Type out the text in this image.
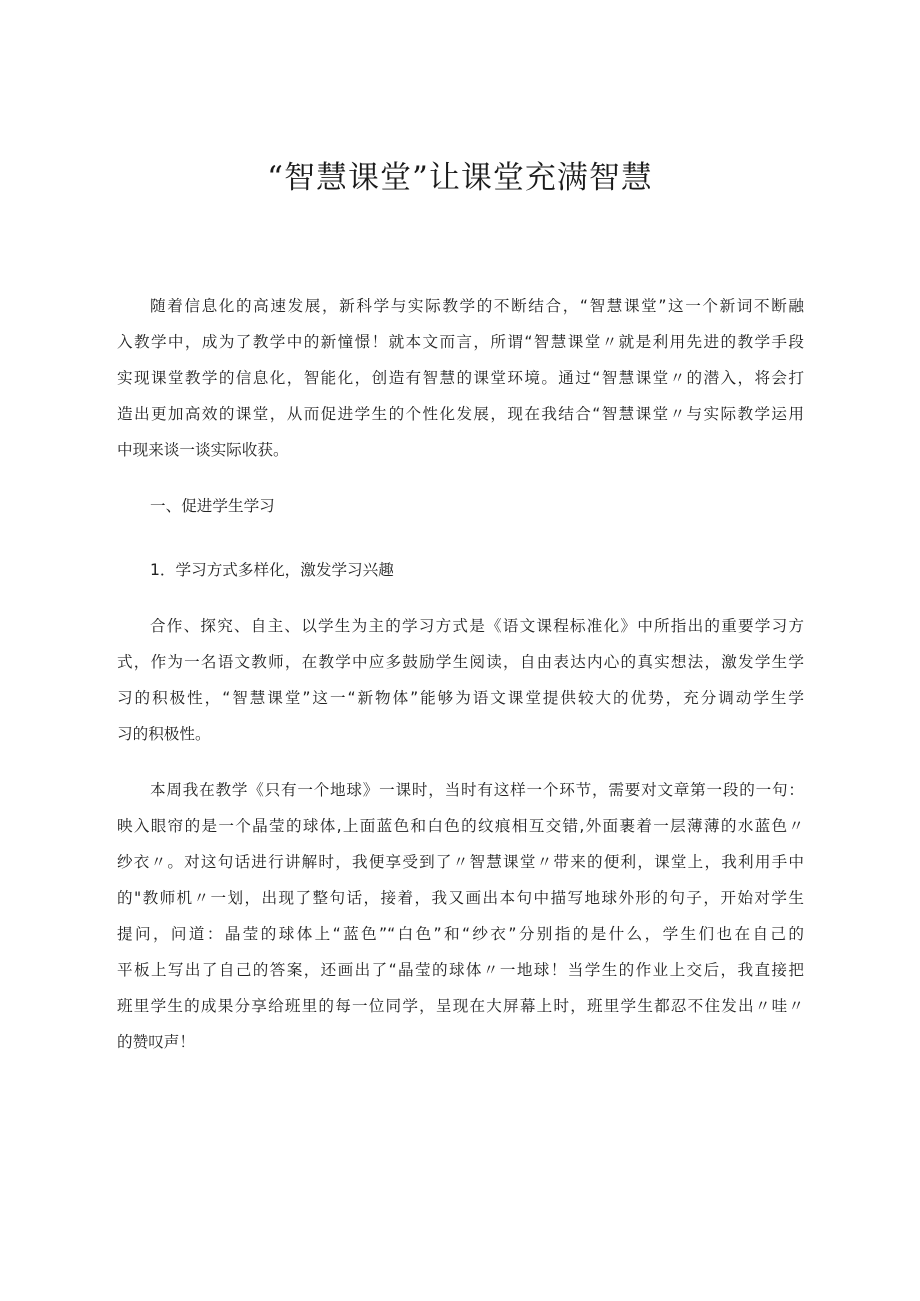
“智慧课堂”让课堂充满智慧
随着信息化的高速发展，新科学与实际教学的不断结合，“智慧课堂”这一个新词不断融
入教学中，成为了教学中的新憧憬！就本文而言，所谓“智慧课堂〃就是利用先进的教学手段
实现课堂教学的信息化，智能化，创造有智慧的课堂环境。通过“智慧课堂〃的潜入，将会打
造出更加高效的课堂，从而促进学生的个性化发展，现在我结合“智慧课堂〃与实际教学运用
中现来谈一谈实际收获。
一、促进学生学习
1．学习方式多样化，激发学习兴趣
合作、探究、自主、以学生为主的学习方式是《语文课程标准化》中所指出的重要学习方
式，作为一名语文教师，在教学中应多鼓励学生阅读，自由表达内心的真实想法，激发学生学
习的积极性，“智慧课堂”这一“新物体”能够为语文课堂提供较大的优势，充分调动学生学
习的积极性。
本周我在教学《只有一个地球》一课时，当时有这样一个环节，需要对文章第一段的一句：
映入眼帘的是一个晶莹的球体,上面蓝色和白色的纹痕相互交错,外面裹着一层薄薄的水蓝色〃
纱衣〃。对这句话进行讲解时，我便享受到了〃智慧课堂〃带来的便利，课堂上，我利用手中
的"教师机〃一划，出现了整句话，接着，我又画出本句中描写地球外形的句子，开始对学生
提问，问道：晶莹的球体上“蓝色”“白色”和“纱衣”分别指的是什么，学生们也在自己的
平板上写出了自己的答案，还画出了“晶莹的球体〃一地球！当学生的作业上交后，我直接把
班里学生的成果分享给班里的每一位同学，呈现在大屏幕上时，班里学生都忍不住发出〃哇〃
的赞叹声！
